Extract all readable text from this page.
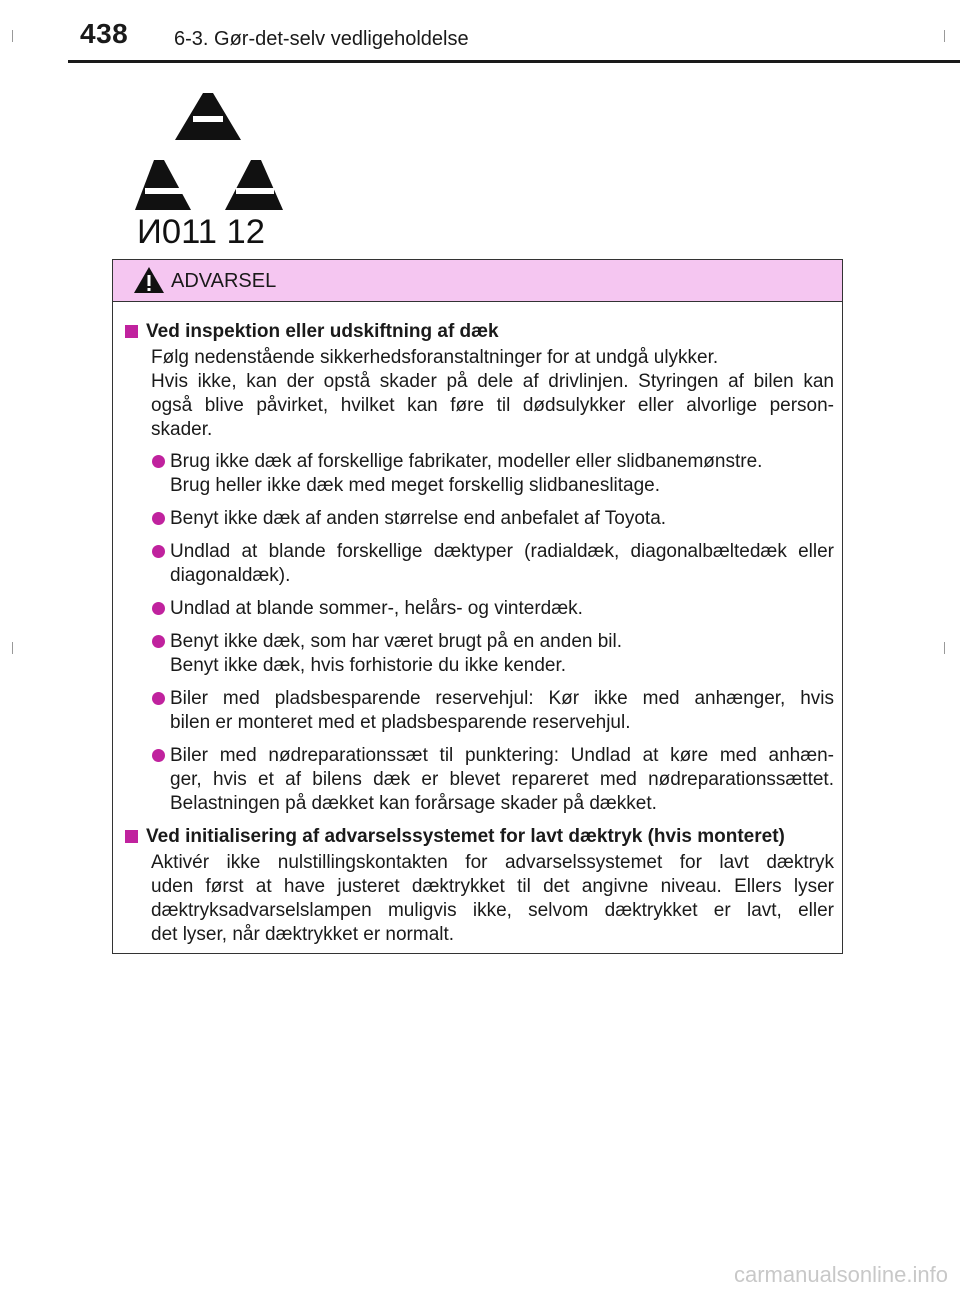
438 6-3. Gør-det-selv vedligeholdelse
И011 12
ADVARSEL
Ved inspektion eller udskiftning af dæk
Følg nedenstående sikkerhedsforanstaltninger for at undgå ulykker.
Hvis ikke, kan der opstå skader på dele af drivlinjen. Styringen af bilen kan
også blive påvirket, hvilket kan føre til dødsulykker eller alvorlige person-
skader.
Brug ikke dæk af forskellige fabrikater, modeller eller slidbanemønstre.
Brug heller ikke dæk med meget forskellig slidbaneslitage.
Benyt ikke dæk af anden størrelse end anbefalet af Toyota.
Undlad at blande forskellige dæktyper (radialdæk, diagonalbæltedæk eller
diagonaldæk).
Undlad at blande sommer-, helårs- og vinterdæk.
Benyt ikke dæk, som har været brugt på en anden bil.
Benyt ikke dæk, hvis forhistorie du ikke kender.
Biler med pladsbesparende reservehjul: Kør ikke med anhænger, hvis
bilen er monteret med et pladsbesparende reservehjul.
Biler med nødreparationssæt til punktering: Undlad at køre med anhæn-
ger, hvis et af bilens dæk er blevet repareret med nødreparationssættet.
Belastningen på dækket kan forårsage skader på dækket.
Ved initialisering af advarselssystemet for lavt dæktryk (hvis monteret)
Aktivér ikke nulstillingskontakten for advarselssystemet for lavt dæktryk
uden først at have justeret dæktrykket til det angivne niveau. Ellers lyser
dæktryksadvarselslampen muligvis ikke, selvom dæktrykket er lavt, eller
det lyser, når dæktrykket er normalt.
carmanualsonline.info
